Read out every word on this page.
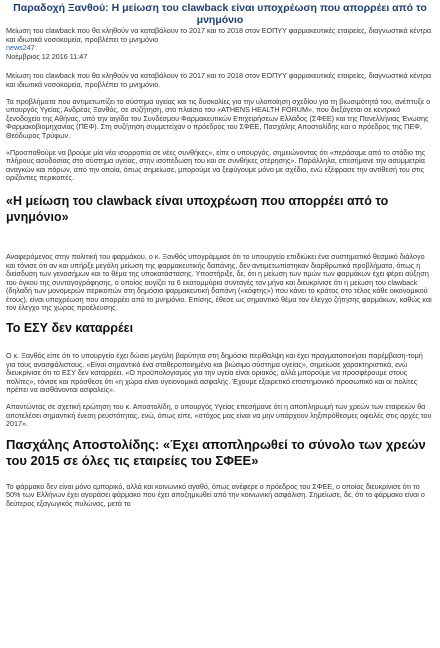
Παραδοχή Ξανθού: Η μείωση του clawback είναι υποχρέωση που απορρέει από το μνημόνιο
Μείωση του clawback που θα κληθούν να καταβάλουν το 2017 και το 2018 στον ΕΟΠΥΥ φαρμακευτικές εταιρείες, διαγνωστικά κέντρα και ιδιωτικά νοσοκομεία, προβλέπει το μνημόνιο
news247
Νοέμβριος 12 2016 11:47

Μείωση του clawback που θα κληθούν να καταβάλουν το 2017 και το 2018 στον ΕΟΠΥΥ φαρμακευτικές εταιρείες, διαγνωστικά κέντρα και ιδιωτικά νοσοκομεία, προβλέπει το μνημόνιο.

Τα προβλήματα που αντιμετωπίζει το σύστημα υγείας και τις δυσκολίες για την υλοποίηση σχεδίου για τη βιωσιμότητά του, ανέπτυξε ο υπουργός Υγείας, Ανδρέας Ξανθός, σε συζήτηση, στο πλαίσιο του «ATHENS HEALTH FORUM», που διεξάγεται σε κεντρικό ξενοδοχείο της Αθήνας, υπό την αιγίδα του Συνδέσμου Φαρμακευτικών Επιχειρήσεων Ελλάδος (ΣΦΕΕ) και της Πανελλήνιας Ένωσης Φαρμακοβιομηχανίας (ΠΕΦ). Στη συζήτηση συμμετείχαν ο πρόεδρος του ΣΦΕΕ, Πασχάλης Αποστολίδης και ο πρόεδρος της ΠΕΦ, Θεόδωρος Τρύφων.

«Προσπαθούμε να βρούμε μία νέα ισορροπία σε νέες συνθήκες», είπε ο υπουργός, σημειώνοντας ότι «περάσαμε από το στάδιο της πλήρους ασυδοσίας στο σύστημα υγείας, στην ισοπέδωση του και σε συνθήκες στέρησης». Παράλληλα, επεσήμανε την ασυμμετρία αναγκών και πόρων, από την οποία, όπως σημείωσε, μπορούμε να ξεφύγουμε μόνο με σχέδιο, ενώ εξέφρασε την αντίθεσή του στις οριζόντιες περικοπές.

«Η μείωση του clawback είναι υποχρέωση που απορρέει από το μνημόνιο»

Αναφερόμενος στην πολιτική του φαρμάκου, ο κ. Ξανθός υπογράμμισε ότι το υπουργείο επιδιώκει ένα συστηματικό θεσμικό διάλογο και τόνισε ότι αν και υπήρξε μεγάλη μείωση της φαρμακευτικής δαπάνης, δεν αντιμετωπίστηκαν διαρθρωτικά προβλήματα, όπως η διείσδυση των γενοσήμων και το θέμα της υποκατάστασης. Υποστήριξε, δε, ότι η μείωση των τιμών των φαρμάκων έχει φέρει αύξηση του όγκου της συνταγογράφησης, ο οποίος αυγίζει τα 6 εκατομμύρια συνταγές τον μήνα και διευκρίνισε ότι η μείωση του clawback (δηλαδή των μονομερών περικοπών στη δημόσια φαρμακευτική δαπάνη («κόφτης») που κάνει το κράτος στο τέλος κάθε οικονομικού έτους), είναι υποχρέωση που απορρέει από το μνημόνιο. Επίσης, έθεσε ως σημαντικό θέμα τον έλεγχο ζήτησης φαρμάκων, καθώς και τον έλεγχο της χώρας προέλευσης.

Το ΕΣΥ δεν καταρρέει

Ο κ. Ξανθός είπε ότι το υπουργείο έχει δώσει μεγάλη βαρύτητα στη δημόσια περίθαλψη και έχει πραγματοποιήσει παρέμβαση-τομή για τους ανασφάλιστους. «Είναι σημαντικό ένα σταθεροποιημένο και βιώσιμο σύστημα υγείας», σημείωσε χαρακτηριστικά, ενώ διευκρίνισε ότι το ΕΣΥ δεν καταρρέει. «Ο προϋπολογισμός για την υγεία είναι οριακός, αλλά μπορούμε να προσφέρουμε στους πολίτες», τόνισε και πρόσθεσε ότι «η χώρα είναι υγειονομικά ασφαλής. Έχουμε εξαιρετικό επιστημονικό προσωπικό και οι πολίτες πρέπει να αισθάνονται ασφαλείς».

Απαντώντας σε σχετική ερώτηση του κ. Αποστολίδη, ο υπουργός Υγείας επεσήμανε ότι η αποπληρωμή των χρεών των εταιρειών θα αποτελέσει σημαντική ένεση ρευστότητας, ενώ, όπως είπε, «στόχος μας είναι να μην υπάρχουν ληξιπρόθεσμες οφειλές στις αρχές του 2017».

Πασχάλης Αποστολίδης: «Έχει αποπληρωθεί το σύνολο των χρεών του 2015 σε όλες τις εταιρείες του ΣΦΕΕ»

Το φάρμακο δεν είναι μόνο εμπορικό, αλλά και κοινωνικό αγαθό, όπως ανέφερε ο πρόεδρος του ΣΦΕΕ, ο οποίος διευκρίνισε ότι το 50% των Ελλήνων έχει αγοράσει φάρμακο που έχει αποζημιωθεί από την κοινωνική ασφάλιση. Σημείωσε, δε, ότι το φάρμακο είναι ο δεύτερος εξαγωγικός πυλώνας, μετά το
